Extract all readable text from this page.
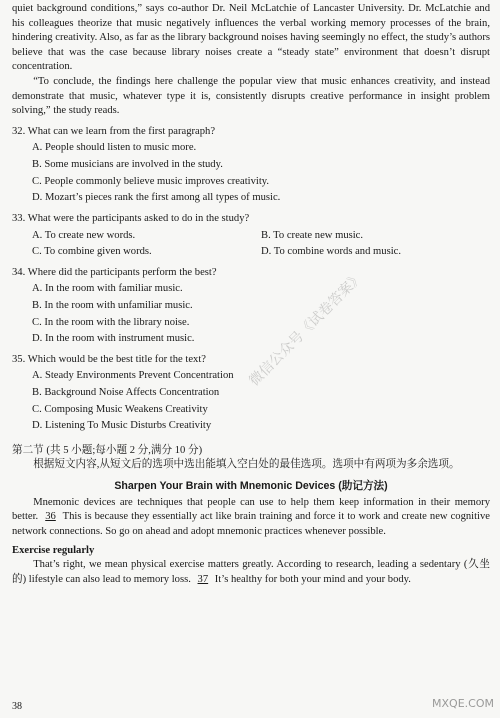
quiet background conditions,” says co-author Dr. Neil McLatchie of Lancaster University. Dr. McLatchie and his colleagues theorize that music negatively influences the verbal working memory processes of the brain, hindering creativity. Also, as far as the library background noises having seemingly no effect, the study’s authors believe that was the case because library noises create a “steady state” environment that doesn’t disrupt concentration.

“To conclude, the findings here challenge the popular view that music enhances creativity, and instead demonstrate that music, whatever type it is, consistently disrupts creative performance in insight problem solving,” the study reads.

32. What can we learn from the first paragraph?
A. People should listen to music more.
B. Some musicians are involved in the study.
C. People commonly believe music improves creativity.
D. Mozart’s pieces rank the first among all types of music.
33. What were the participants asked to do in the study?
A. To create new words.	B. To create new music.
C. To combine given words.	D. To combine words and music.
34. Where did the participants perform the best?
A. In the room with familiar music.
B. In the room with unfamiliar music.
C. In the room with the library noise.
D. In the room with instrument music.
35. Which would be the best title for the text?
A. Steady Environments Prevent Concentration
B. Background Noise Affects Concentration
C. Composing Music Weakens Creativity
D. Listening To Music Disturbs Creativity
第二节 (共 5 小题;每小题 2 分,满分 10 分)
根据短文内容,从短文后的选项中选出能填入空白处的最佳选项。选项中有两项为多余选项。
Sharpen Your Brain with Mnemonic Devices (助记方法)

Mnemonic devices are techniques that people can use to help them keep information in their memory better. 36 This is because they essentially act like brain training and force it to work and create new cognitive network connections. So go on ahead and adopt mnemonic practices whenever possible.

Exercise regularly

That’s right, we mean physical exercise matters greatly. According to research, leading a sedentary (久坐的) lifestyle can also lead to memory loss. 37 It’s healthy for both your mind and your body.

38
微信公众号《试卷答案》
MXQE.COM
